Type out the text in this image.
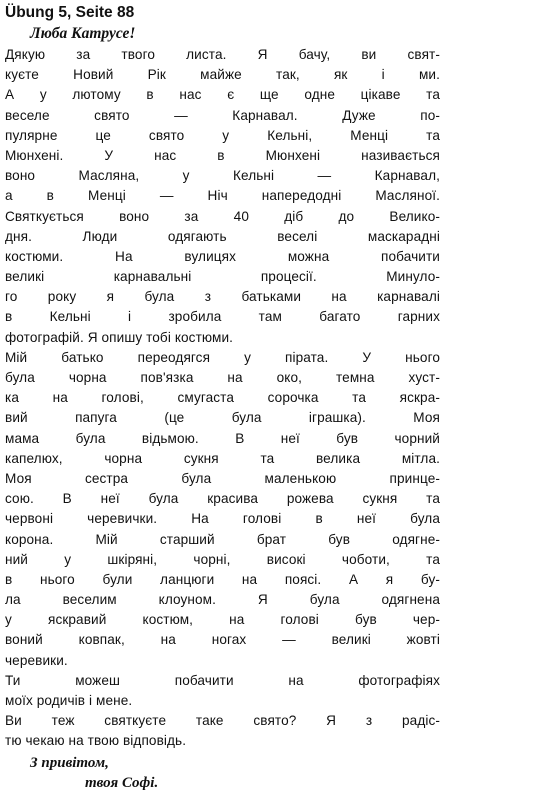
Übung 5, Seite 88
Люба Катрусе!
Дякую за твого листа. Я бачу, ви свят-
куєте Новий Рік майже так, як і ми.
А у лютому в нас є ще одне цікаве та
веселе свято — Карнавал. Дуже по-
пулярне це свято у Кельні, Менці та
Мюнхені. У нас в Мюнхені називається
воно Масляна, у Кельні — Карнавал,
а в Менці — Ніч напередодні Масляної.
Святкується воно за 40 діб до Велико-
дня. Люди одягають веселі маскарадні
костюми. На вулицях можна побачити
великі карнавальні процесії. Минуло-
го року я була з батьками на карнавалі
в Кельні і зробила там багато гарних
фотографій. Я опишу тобі костюми.
Мій батько переодягся у пірата. У нього
була чорна пов'язка на око, темна хуст-
ка на голові, смугаста сорочка та яскра-
вий папуга (це була іграшка). Моя
мама була відьмою. В неї був чорний
капелюх, чорна сукня та велика мітла.
Моя сестра була маленькою принце-
сою. В неї була красива рожева сукня та
червоні черевички. На голові в неї була
корона. Мій старший брат був одягне-
ний у шкіряні, чорні, високі чоботи, та
в нього були ланцюги на поясі. А я бу-
ла веселим клоуном. Я була одягнена
у яскравий костюм, на голові був чер-
воний ковпак, на ногах — великі жовті
черевики.
Ти можеш побачити на фотографіях
моїх родичів і мене.
Ви теж святкуєте таке свято? Я з радіс-
тю чекаю на твою відповідь.
З привітом,
твоя Софі.
